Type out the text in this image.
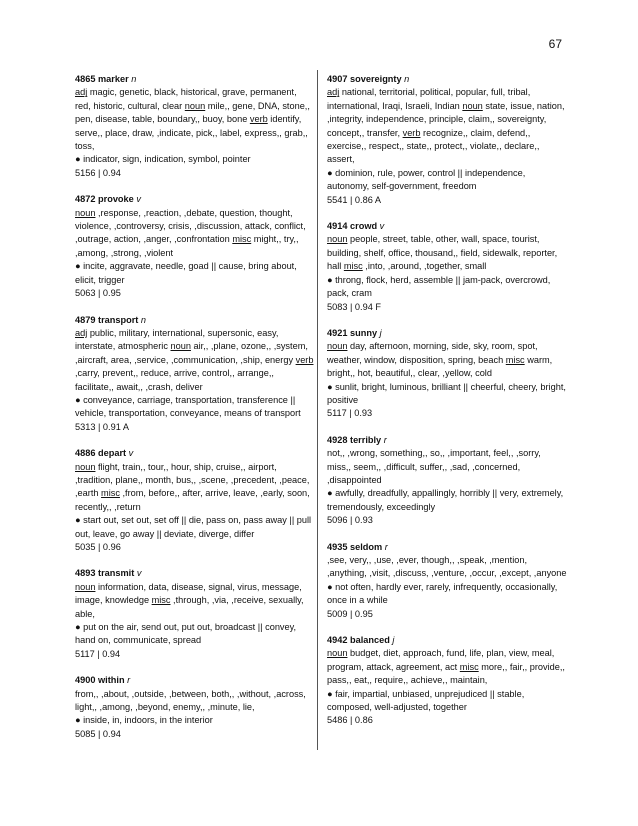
67

4865 marker n

adj magic, genetic, black, historical, grave, permanent, red, historic, cultural, clear noun mile,, gene, DNA, stone,, pen, disease, table, boundary,, buoy, bone verb identify, serve,, place, draw, ,indicate, pick,, label, express,, grab,, toss,

● indicator, sign, indication, symbol, pointer

5156 | 0.94

4872 provoke v

noun ,response, ,reaction, ,debate, question, thought, violence, ,controversy, crisis, ,discussion, attack, conflict, ,outrage, action, ,anger, ,confrontation misc might,, try,, ,among, ,strong, ,violent

● incite, aggravate, needle, goad || cause, bring about, elicit, trigger

5063 | 0.95

4879 transport n

adj public, military, international, supersonic, easy, interstate, atmospheric noun air,, ,plane, ozone,, ,system, ,aircraft, area, ,service, ,communication, ,ship, energy verb ,carry, prevent,, reduce, arrive, control,, arrange,, facilitate,, await,, ,crash, deliver

● conveyance, carriage, transportation, transference || vehicle, transportation, conveyance, means of transport

5313 | 0.91 A

4886 depart v

noun flight, train,, tour,, hour, ship, cruise,, airport, ,tradition, plane,, month, bus,, ,scene, ,precedent, ,peace, ,earth misc ,from, before,, after, arrive, leave, ,early, soon, recently,, ,return

● start out, set out, set off || die, pass on, pass away || pull out, leave, go away || deviate, diverge, differ

5035 | 0.96

4893 transmit v

noun information, data, disease, signal, virus, message, image, knowledge misc ,through, ,via, ,receive, sexually, able,

● put on the air, send out, put out, broadcast || convey, hand on, communicate, spread

5117 | 0.94

4900 within r

from,, ,about, ,outside, ,between, both,, ,without, ,across, light,, ,among, ,beyond, enemy,, ,minute, lie,

● inside, in, indoors, in the interior

5085 | 0.94

4907 sovereignty n

adj national, territorial, political, popular, full, tribal, international, Iraqi, Israeli, Indian noun state, issue, nation, ,integrity, independence, principle, claim,, sovereignty, concept,, transfer, verb recognize,, claim, defend,, exercise,, respect,, state,, protect,, violate,, declare,, assert,

● dominion, rule, power, control || independence, autonomy, self-government, freedom

5541 | 0.86 A

4914 crowd v

noun people, street, table, other, wall, space, tourist, building, shelf, office, thousand,, field, sidewalk, reporter, hall misc ,into, ,around, ,together, small

● throng, flock, herd, assemble || jam-pack, overcrowd, pack, cram

5083 | 0.94 F

4921 sunny j

noun day, afternoon, morning, side, sky, room, spot, weather, window, disposition, spring, beach misc warm, bright,, hot, beautiful,, clear, ,yellow, cold

● sunlit, bright, luminous, brilliant || cheerful, cheery, bright, positive

5117 | 0.93

4928 terribly r

not,, ,wrong, something,, so,, ,important, feel,, ,sorry, miss,, seem,, ,difficult, suffer,, ,sad, ,concerned, ,disappointed

● awfully, dreadfully, appallingly, horribly || very, extremely, tremendously, exceedingly

5096 | 0.93

4935 seldom r

,see, very,, ,use, ,ever, though,, ,speak, ,mention, ,anything, ,visit, ,discuss, ,venture, ,occur, ,except, ,anyone

● not often, hardly ever, rarely, infrequently, occasionally, once in a while

5009 | 0.95

4942 balanced j

noun budget, diet, approach, fund, life, plan, view, meal, program, attack, agreement, act misc more,, fair,, provide,, pass,, eat,, require,, achieve,, maintain,

● fair, impartial, unbiased, unprejudiced || stable, composed, well-adjusted, together

5486 | 0.86
